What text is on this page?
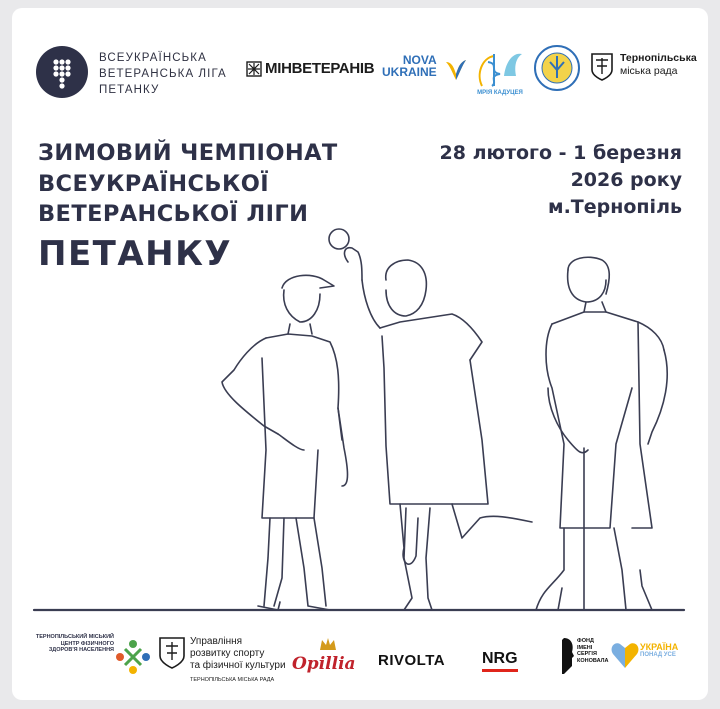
ВСЕУКРАЇНСЬКА
ВЕТЕРАНСЬКА ЛІГА
ПЕТАНКУ
МІНВЕТЕРАНІВ	NOVA
UKRAINE
МРІЯ КАДУЦЕЯ
Тернопільська
міська рада
ЗИМОВИЙ ЧЕМПІОНАТ
ВСЕУКРАЇНСЬКОЇ
ВЕТЕРАНСЬКОЇ ЛІГИ
ПЕТАНКУ
28 лютого - 1 березня
2026 року
м.Тернопіль
ТЕРНОПІЛЬСЬКИЙ МІСЬКИЙ ЦЕНТР ФІЗИЧНОГО ЗДОРОВ'Я НАСЕЛЕННЯ
Управління
розвитку спорту
та фізичної культури
ТЕРНОПІЛЬСЬКА МІСЬКА РАДА
Opillia RIVOLTA NRG
ФОНД ІМЕНІ СЕРГІЯ КОНОВАЛА
УКРАЇНА
ПОНАД УСЕ
